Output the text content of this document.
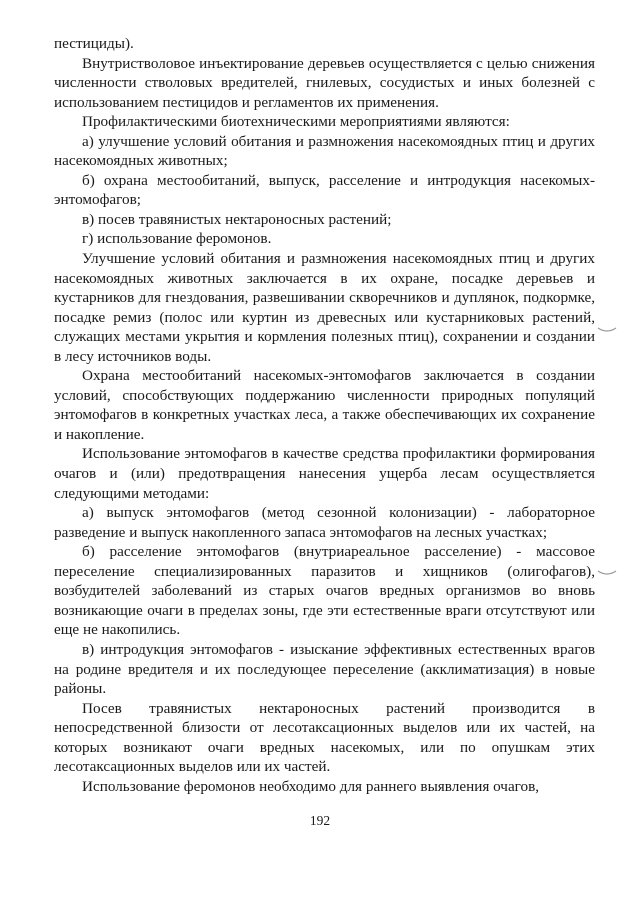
пестициды).

Внутристволовое инъектирование деревьев осуществляется с целью снижения численности стволовых вредителей, гнилевых, сосудистых и иных болезней с использованием пестицидов и регламентов их применения.

Профилактическими биотехническими мероприятиями являются:

а) улучшение условий обитания и размножения насекомоядных птиц и других насекомоядных животных;

б) охрана местообитаний, выпуск, расселение и интродукция насекомых-энтомофагов;

в) посев травянистых нектароносных растений;

г) использование феромонов.

Улучшение условий обитания и размножения насекомоядных птиц и других насекомоядных животных заключается в их охране, посадке деревьев и кустарников для гнездования, развешивании скворечников и дуплянок, подкормке, посадке ремиз (полос или куртин из древесных или кустарниковых растений, служащих местами укрытия и кормления полезных птиц), сохранении и создании в лесу источников воды.

Охрана местообитаний насекомых-энтомофагов заключается в создании условий, способствующих поддержанию численности природных популяций энтомофагов в конкретных участках леса, а также обеспечивающих их сохранение и накопление.

Использование энтомофагов в качестве средства профилактики формирования очагов и (или) предотвращения нанесения ущерба лесам осуществляется следующими методами:

а) выпуск энтомофагов (метод сезонной колонизации) - лабораторное разведение и выпуск накопленного запаса энтомофагов на лесных участках;

б) расселение энтомофагов (внутриареальное расселение) - массовое переселение специализированных паразитов и хищников (олигофагов), возбудителей заболеваний из старых очагов вредных организмов во вновь возникающие очаги в пределах зоны, где эти естественные враги отсутствуют или еще не накопились.

в) интродукция энтомофагов - изыскание эффективных естественных врагов на родине вредителя и их последующее переселение (акклиматизация) в новые районы.

Посев травянистых нектароносных растений производится в непосредственной близости от лесотаксационных выделов или их частей, на которых возникают очаги вредных насекомых, или по опушкам этих лесотаксационных выделов или их частей.

Использование феромонов необходимо для раннего выявления очагов,

192
